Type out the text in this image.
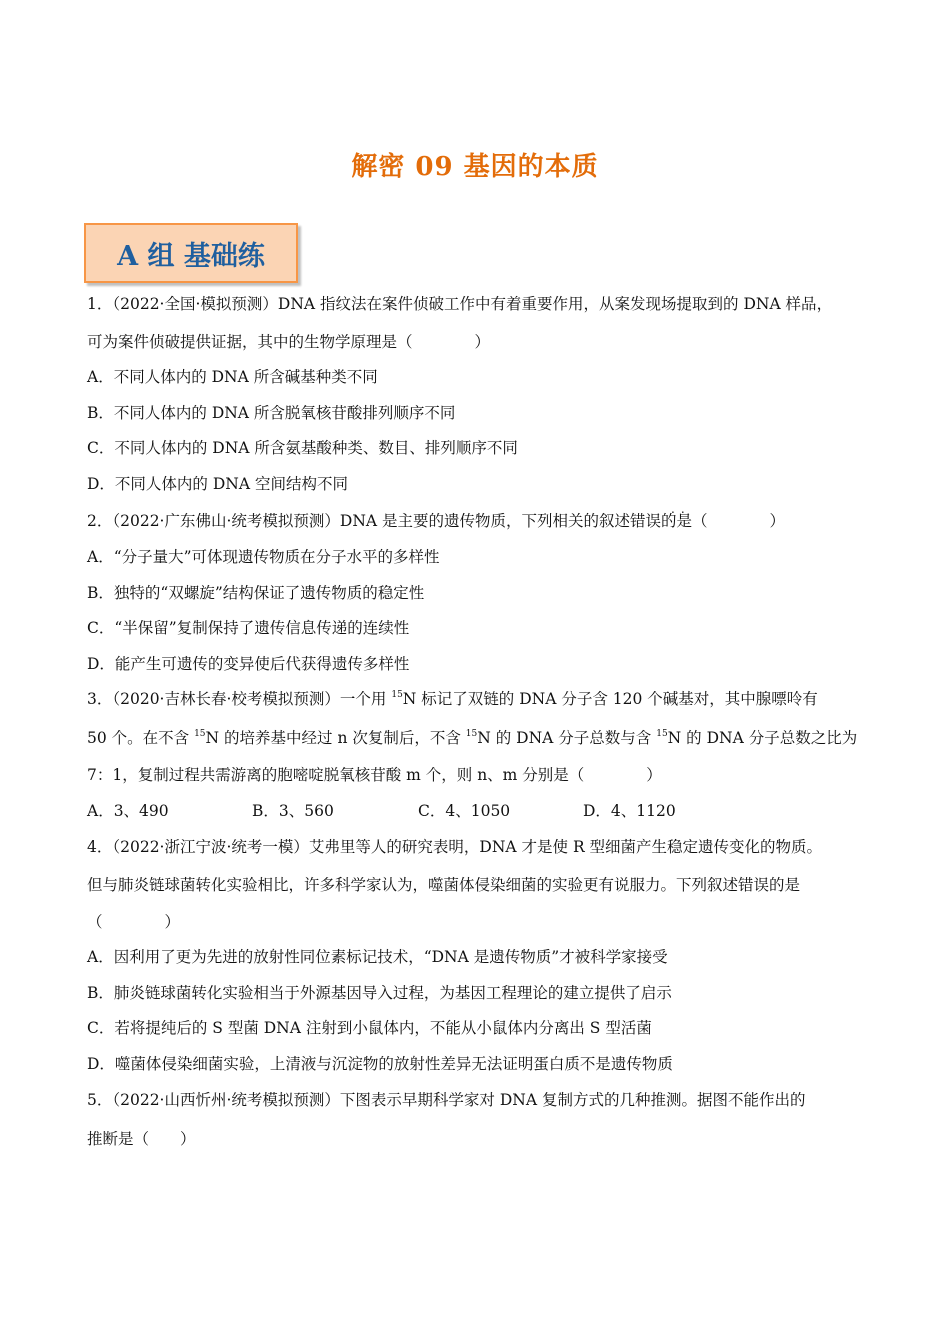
解密 09 基因的本质
A 组 基础练
1．（2022·全国·模拟预测）DNA 指纹法在案件侦破工作中有着重要作用，从案发现场提取到的 DNA 样品，
可为案件侦破提供证据，其中的生物学原理是（　　　　）
A．不同人体内的 DNA 所含碱基种类不同
B．不同人体内的 DNA 所含脱氧核苷酸排列顺序不同
C．不同人体内的 DNA 所含氨基酸种类、数目、排列顺序不同
D．不同人体内的 DNA 空间结构不同
..
2．（2022·广东佛山·统考模拟预测）DNA 是主要的遗传物质，下列相关的叙述错误的是（　　　　）
A．“分子量大”可体现遗传物质在分子水平的多样性
B．独特的“双螺旋”结构保证了遗传物质的稳定性
C．“半保留”复制保持了遗传信息传递的连续性
D．能产生可遗传的变异使后代获得遗传多样性
3．（2020·吉林长春·校考模拟预测）一个用 $^{15}$N 标记了双链的 DNA 分子含 120 个碱基对，其中腺嘌呤有
50 个。在不含 $^{15}$N 的培养基中经过 n 次复制后，不含 $^{15}$N 的 DNA 分子总数与含 $^{15}$N 的 DNA 分子总数之比为
7：1，复制过程共需游离的胞嘧啶脱氧核苷酸 m 个，则 n、m 分别是（　　　　）
A．3、490	B．3、560	C．4、1050	D．4、1120
4．（2022·浙江宁波·统考一模）艾弗里等人的研究表明，DNA 才是使 R 型细菌产生稳定遗传变化的物质。
但与肺炎链球菌转化实验相比，许多科学家认为，噬菌体侵染细菌的实验更有说服力。下列叙述错误的是
（　　　　）
A．因利用了更为先进的放射性同位素标记技术，“DNA 是遗传物质”才被科学家接受
B．肺炎链球菌转化实验相当于外源基因导入过程，为基因工程理论的建立提供了启示
C．若将提纯后的 S 型菌 DNA 注射到小鼠体内，不能从小鼠体内分离出 S 型活菌
D．噬菌体侵染细菌实验，上清液与沉淀物的放射性差异无法证明蛋白质不是遗传物质
5．（2022·山西忻州·统考模拟预测）下图表示早期科学家对 DNA 复制方式的几种推测。据图不能作出的
推断是（　　）
